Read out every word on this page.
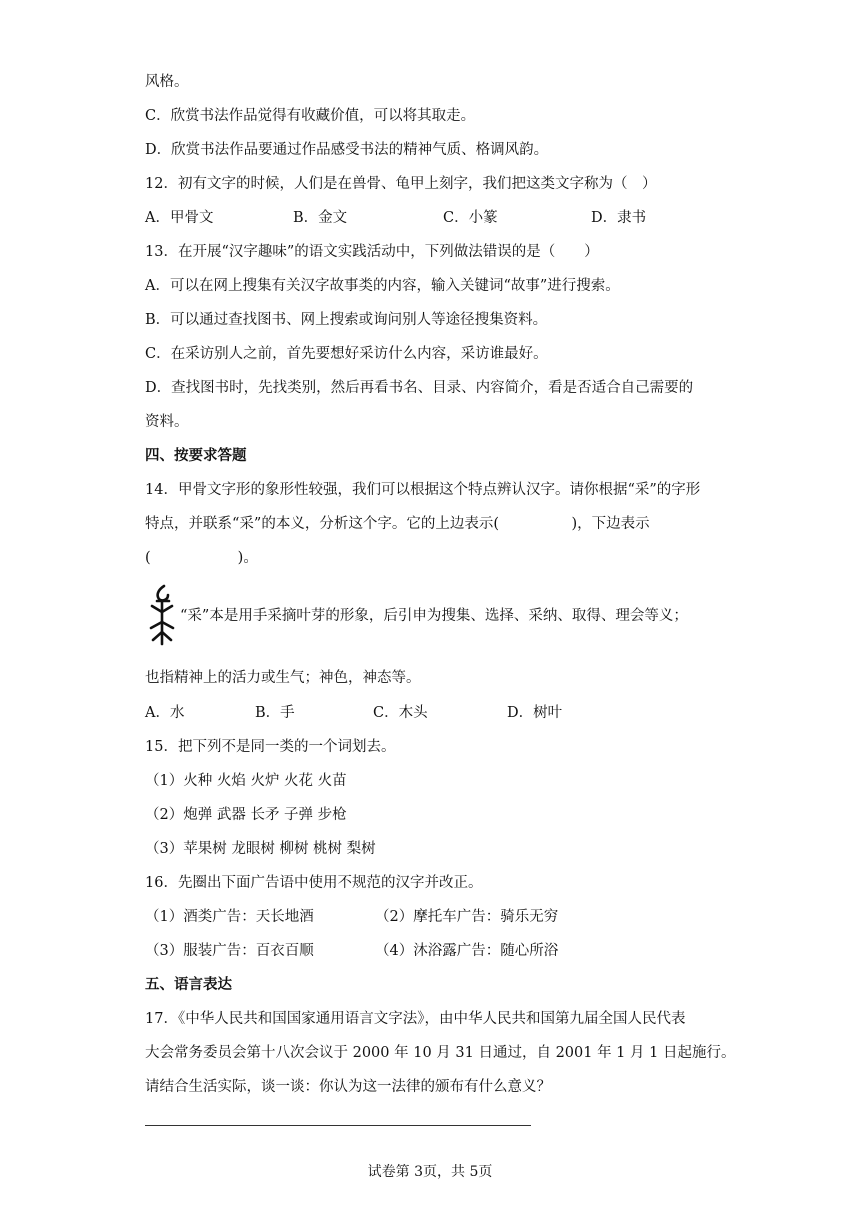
风格。

C．欣赏书法作品觉得有收藏价值，可以将其取走。

D．欣赏书法作品要通过作品感受书法的精神气质、格调风韵。

12．初有文字的时候，人们是在兽骨、龟甲上刻字，我们把这类文字称为（　）

A．甲骨文	B．金文	C．小篆	D．隶书

13．在开展“汉字趣味”的语文实践活动中，下列做法错误的是（　　）

A．可以在网上搜集有关汉字故事类的内容，输入关键词“故事”进行搜索。

B．可以通过查找图书、网上搜索或询问别人等途径搜集资料。

C．在采访别人之前，首先要想好采访什么内容，采访谁最好。

D．查找图书时，先找类别，然后再看书名、目录、内容简介，看是否适合自己需要的

资料。

四、按要求答题

14．甲骨文字形的象形性较强，我们可以根据这个特点辨认汉字。请你根据“采”的字形

特点，并联系“采”的本义，分析这个字。它的上边表示(　　　　　)，下边表示

(　　　　　　)。

“采”本是用手采摘叶芽的形象，后引申为搜集、选择、采纳、取得、理会等义；

也指精神上的活力或生气；神色，神态等。

A．水	B．手	C．木头	D．树叶

15．把下列不是同一类的一个词划去。

（1）火种 火焰 火炉 火花 火苗

（2）炮弹 武器 长矛 子弹 步枪

（3）苹果树 龙眼树 柳树 桃树 梨树

16．先圈出下面广告语中使用不规范的汉字并改正。

（1）酒类广告：天长地酒	（2）摩托车广告：骑乐无穷
（3）服装广告：百衣百顺	（4）沐浴露广告：随心所浴

五、语言表达

17．《中华人民共和国国家通用语言文字法》，由中华人民共和国第九届全国人民代表

大会常务委员会第十八次会议于 2000 年 10 月 31 日通过，自 2001 年 1 月 1 日起施行。

请结合生活实际，谈一谈：你认为这一法律的颁布有什么意义？

试卷第 3页，共 5页
